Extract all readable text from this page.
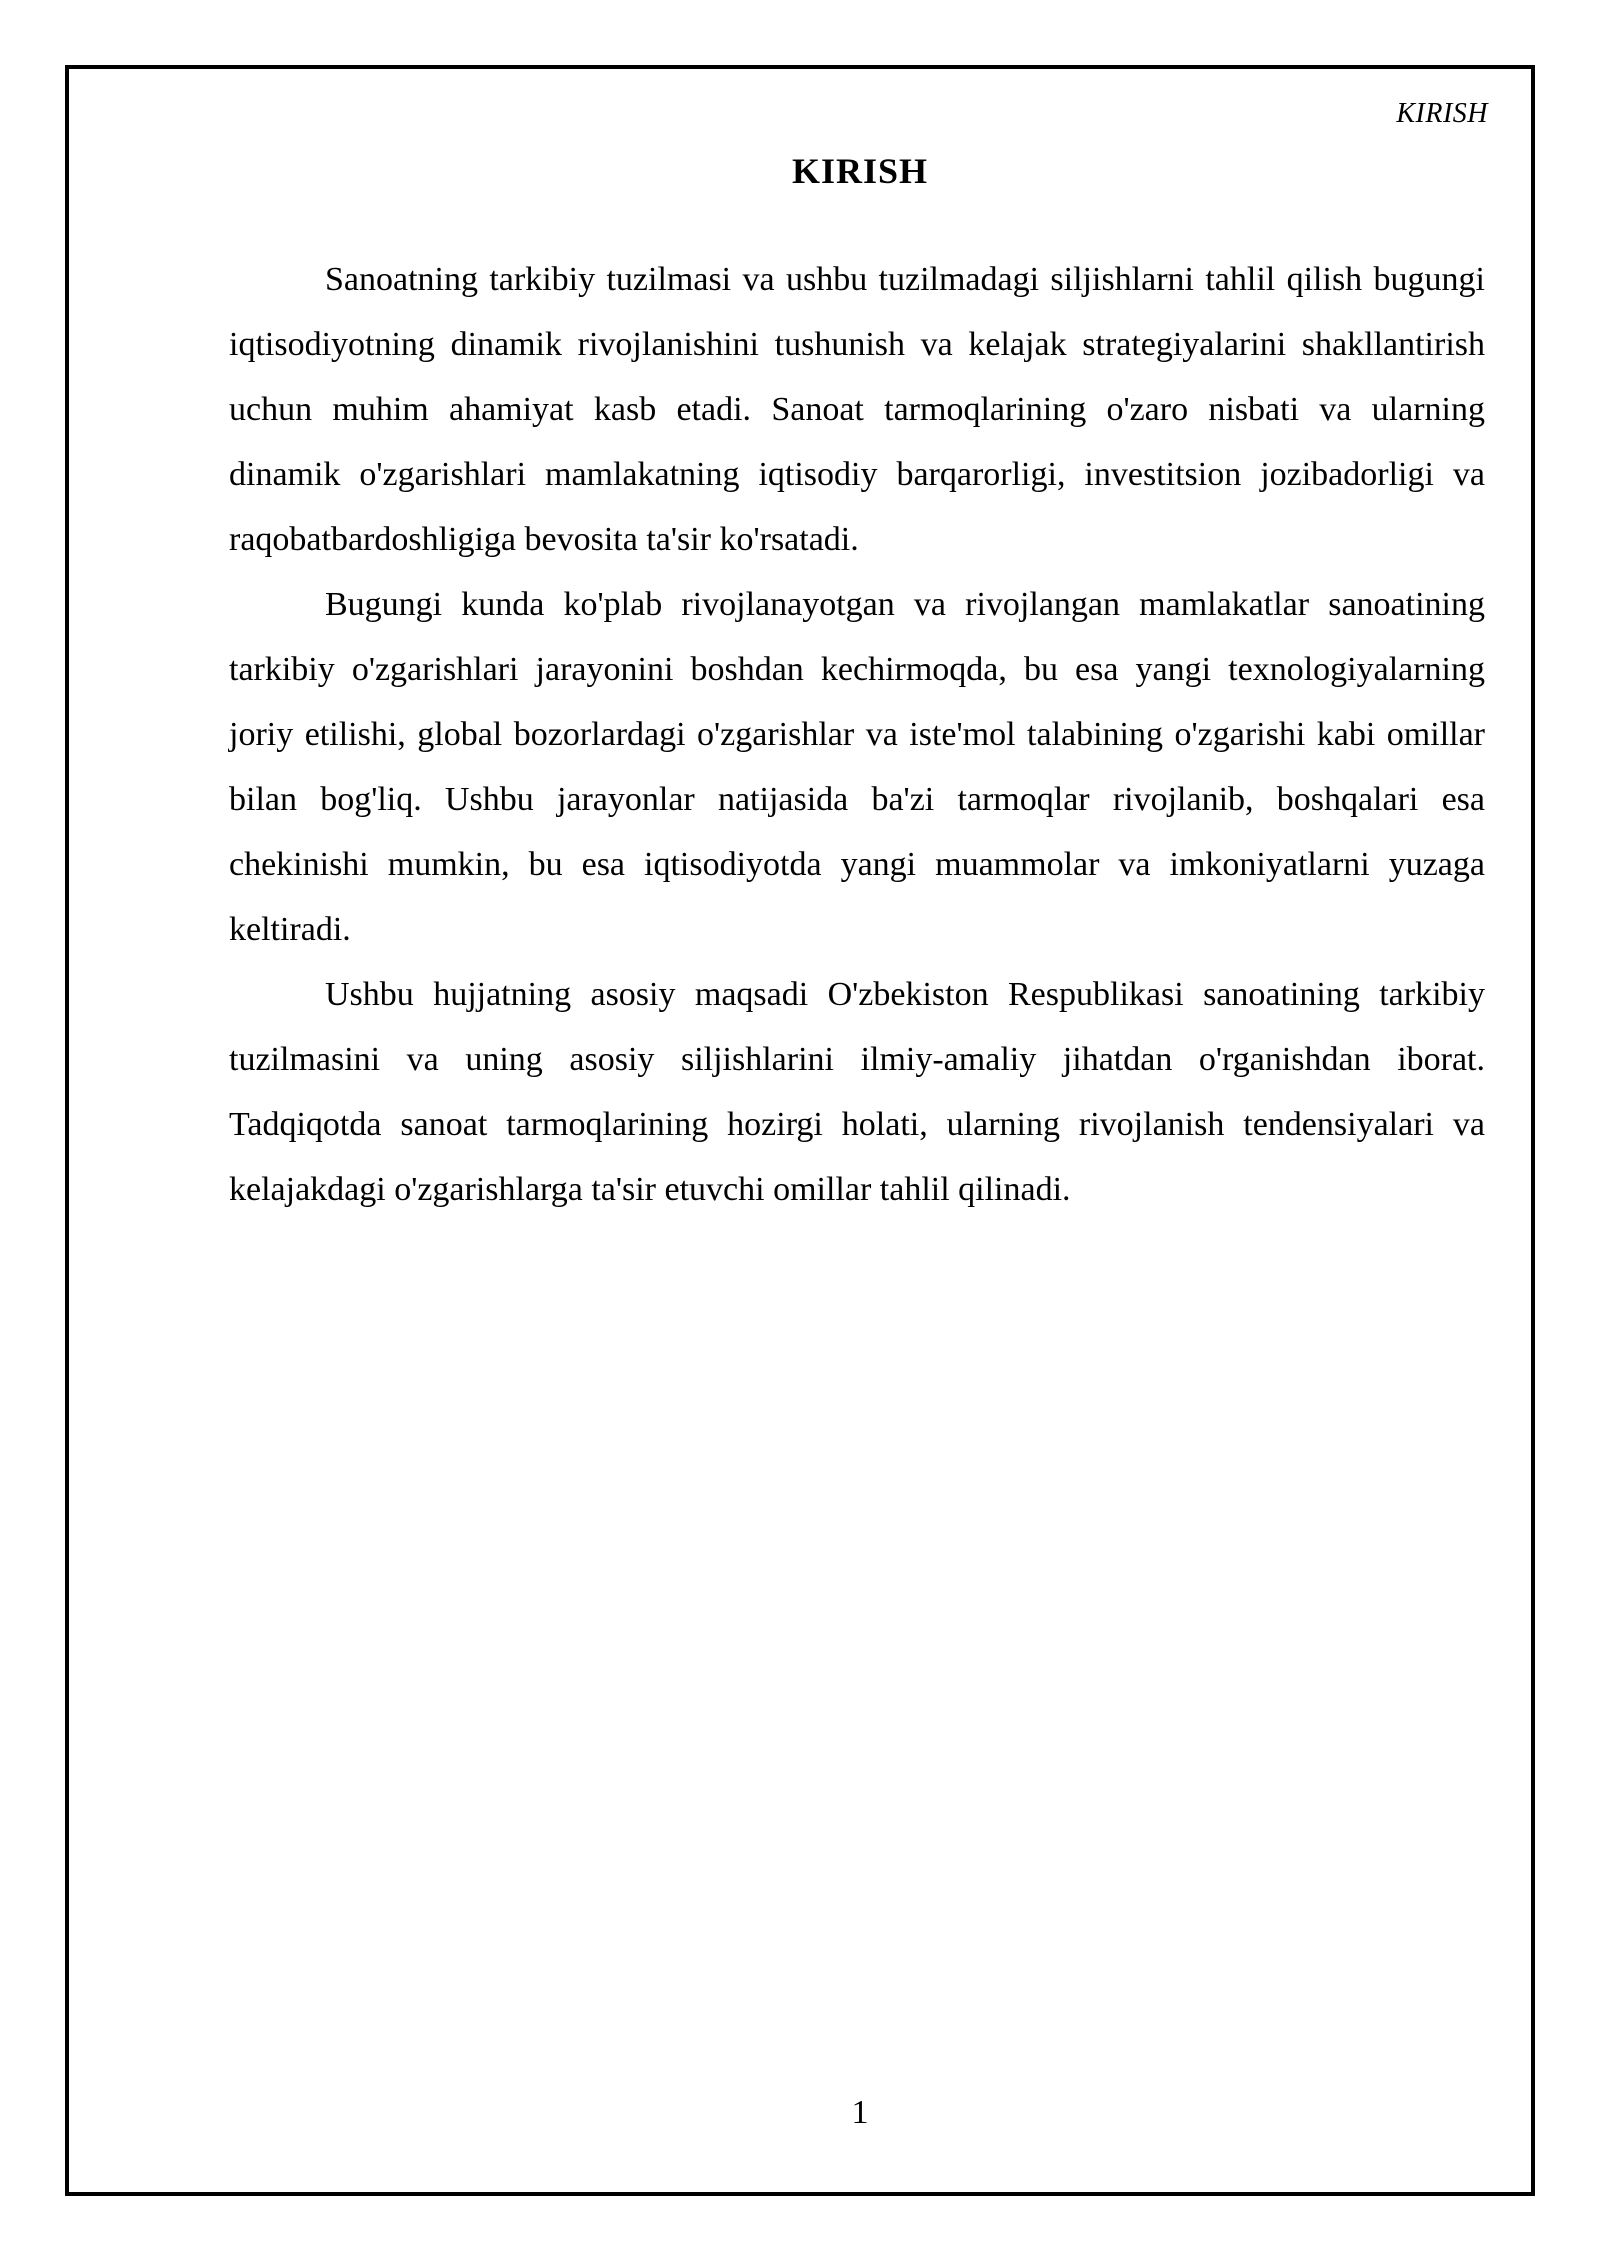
KIRISH
KIRISH

Sanoatning tarkibiy tuzilmasi va ushbu tuzilmadagi siljishlarni tahlil qilish bugungi iqtisodiyotning dinamik rivojlanishini tushunish va kelajak strategiyalarini shakllantirish uchun muhim ahamiyat kasb etadi. Sanoat tarmoqlarining o'zaro nisbati va ularning dinamik o'zgarishlari mamlakatning iqtisodiy barqarorligi, investitsion jozibadorligi va raqobatbardoshligiga bevosita ta'sir ko'rsatadi.

Bugungi kunda ko'plab rivojlanayotgan va rivojlangan mamlakatlar sanoatining tarkibiy o'zgarishlari jarayonini boshdan kechirmoqda, bu esa yangi texnologiyalarning joriy etilishi, global bozorlardagi o'zgarishlar va iste'mol talabining o'zgarishi kabi omillar bilan bog'liq. Ushbu jarayonlar natijasida ba'zi tarmoqlar rivojlanib, boshqalari esa chekinishi mumkin, bu esa iqtisodiyotda yangi muammolar va imkoniyatlarni yuzaga keltiradi.

Ushbu hujjatning asosiy maqsadi O'zbekiston Respublikasi sanoatining tarkibiy tuzilmasini va uning asosiy siljishlarini ilmiy-amaliy jihatdan o'rganishdan iborat. Tadqiqotda sanoat tarmoqlarining hozirgi holati, ularning rivojlanish tendensiyalari va kelajakdagi o'zgarishlarga ta'sir etuvchi omillar tahlil qilinadi.

1
